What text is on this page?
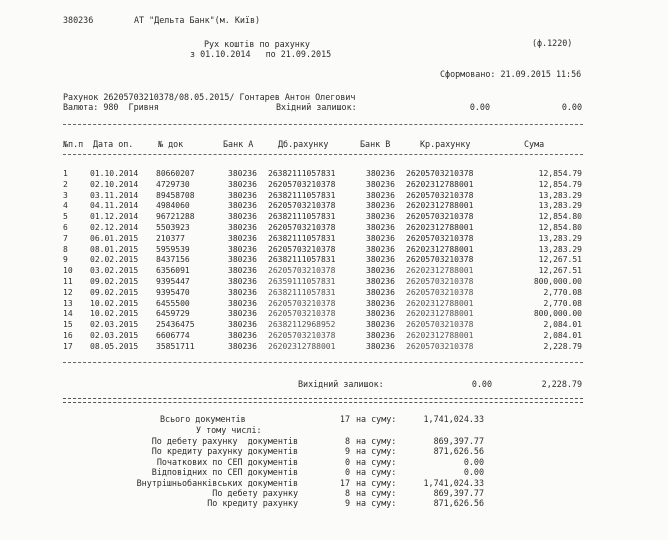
380236	АТ "Дельта Банк"(м. Київ)
(ф.1220)
Рух коштів по рахунку
з 01.10.2014   по 21.09.2015
Сформовано: 21.09.2015 11:56
Рахунок 26205703210378/08.05.2015/ Гонтарев Антон Олегович
Валюта: 980  Гривня	Вхідний залишок:	0.00	0.00
№п.п Дата оп.	№ док	Банк А	Дб.рахунку	Банк В	Кр.рахунку	Сума
1	01.10.2014 80660207	380236 26382111057831	380236 26205703210378	12,854.79
2	02.10.2014 4729730	380236 26205703210378	380236 26202312788001	12,854.79
3	03.11.2014 89458708	380236 26382111057831	380236 26205703210378	13,283.29
4	04.11.2014 4984060	380236 26205703210378	380236 26202312788001	13,283.29
5	01.12.2014 96721288	380236 26382111057831	380236 26205703210378	12,854.80
6	02.12.2014 5503923	380236 26205703210378	380236 26202312788001	12,854.80
7	06.01.2015 210377	380236 26382111057831	380236 26205703210378	13,283.29
8	08.01.2015 5959539	380236 26205703210378	380236 26202312788001	13,283.29
9	02.02.2015 8437156	380236 26382111057831	380236 26205703210378	12,267.51
10 03.02.2015 6356091	380236 26205703210378	380236 26202312788001	12,267.51
11 09.02.2015 9395447	380236 26359111057831	380236 26205703210378	800,000.00
12 09.02.2015 9395470	380236 26382111057831	380236 26205703210378	2,770.08
13 10.02.2015 6455500	380236 26205703210378	380236 26202312788001	2,770.08
14 10.02.2015 6459729	380236 26205703210378	380236 26202312788001	800,000.00
15 02.03.2015 25436475	380236 26382112968952	380236 26205703210378	2,084.01
16 02.03.2015 6606774	380236 26205703210378	380236 26202312788001	2,084.01
17 08.05.2015 35851711	380236 26202312788001	380236 26205703210378	2,228.79
Вихідний залишок:	0.00	2,228.79
Всього документів	17 на суму:	1,741,024.33
У тому числі:
По дебету рахунку  документів	8 на суму:	869,397.77
По кредиту рахунку документів	9 на суму:	871,626.56
Початкових по СЕП документів	0 на суму:	0.00
Відповідних по СЕП документів	0 на суму:	0.00
Внутрішньобанківських документів	17 на суму:	1,741,024.33
По дебету рахунку	8 на суму:	869,397.77
По кредиту рахунку	9 на суму:	871,626.56
